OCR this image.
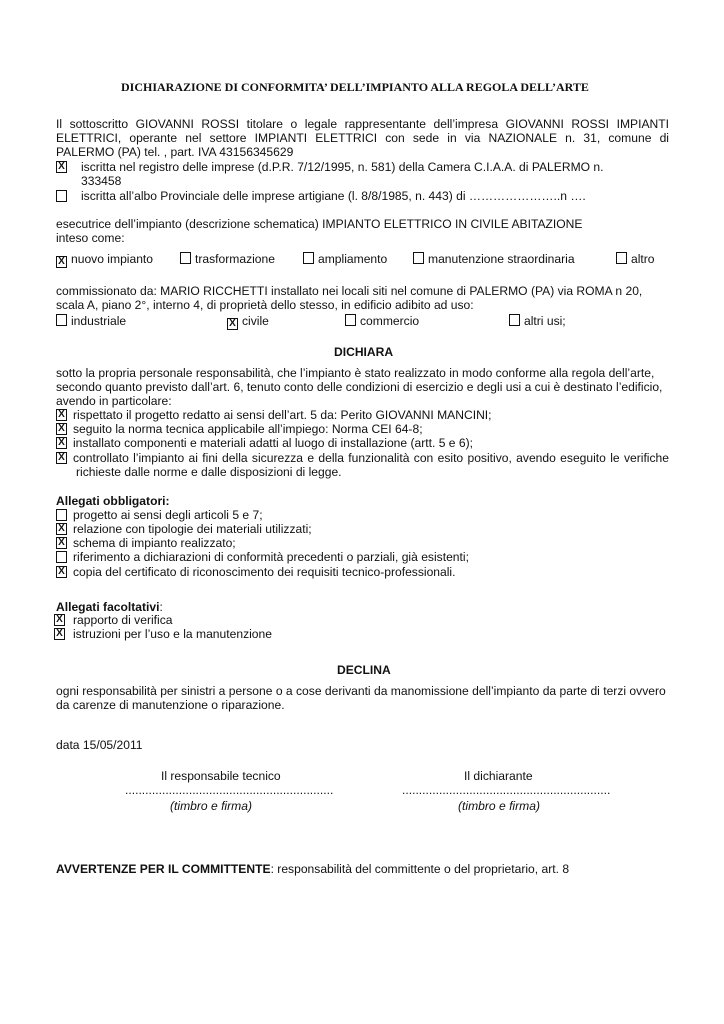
DICHIARAZIONE DI CONFORMITA’ DELL’IMPIANTO ALLA REGOLA DELL’ARTE
Il sottoscritto GIOVANNI ROSSI titolare o legale rappresentante dell’impresa GIOVANNI ROSSI IMPIANTI
ELETTRICI, operante nel settore IMPIANTI ELETTRICI con sede in via NAZIONALE n. 31, comune di
PALERMO (PA) tel. , part. IVA 43156345629
X iscritta nel registro delle imprese (d.P.R. 7/12/1995, n. 581) della Camera C.I.A.A. di PALERMO n.
333458
iscritta all’albo Provinciale delle imprese artigiane (l. 8/8/1985, n. 443) di …………………..n ….
esecutrice dell’impianto (descrizione schematica) IMPIANTO ELETTRICO IN CIVILE ABITAZIONE
inteso come:
X nuovo impianto	trasformazione	ampliamento	manutenzione straordinaria	altro
commissionato da: MARIO RICCHETTI installato nei locali siti nel comune di PALERMO (PA) via ROMA n 20,
scala A, piano 2°, interno 4, di proprietà dello stesso, in edificio adibito ad uso:
industriale	X civile	commercio	altri usi;
DICHIARA
sotto la propria personale responsabilità, che l’impianto è stato realizzato in modo conforme alla regola dell’arte,
secondo quanto previsto dall’art. 6, tenuto conto delle condizioni di esercizio e degli usi a cui è destinato l’edificio,
avendo in particolare:
X rispettato il progetto redatto ai sensi dell’art. 5 da: Perito GIOVANNI MANCINI;
X seguito la norma tecnica applicabile all’impiego: Norma CEI 64-8;
X installato componenti e materiali adatti al luogo di installazione (artt. 5 e 6);
X controllato l’impianto ai fini della sicurezza e della funzionalità con esito positivo, avendo eseguito le verifiche
richieste dalle norme e dalle disposizioni di legge.
Allegati obbligatori:
progetto ai sensi degli articoli 5 e 7;
X relazione con tipologie dei materiali utilizzati;
X schema di impianto realizzato;
riferimento a dichiarazioni di conformità precedenti o parziali, già esistenti;
X copia del certificato di riconoscimento dei requisiti tecnico-professionali.
Allegati facoltativi:
X rapporto di verifica
X istruzioni per l’uso e la manutenzione
DECLINA
ogni responsabilità per sinistri a persone o a cose derivanti da manomissione dell’impianto da parte di terzi ovvero
da carenze di manutenzione o riparazione.
data 15/05/2011
Il responsabile tecnico
..............................................................
(timbro e firma)
Il dichiarante
..............................................................
(timbro e firma)
AVVERTENZE PER IL COMMITTENTE: responsabilità del committente o del proprietario, art. 8
